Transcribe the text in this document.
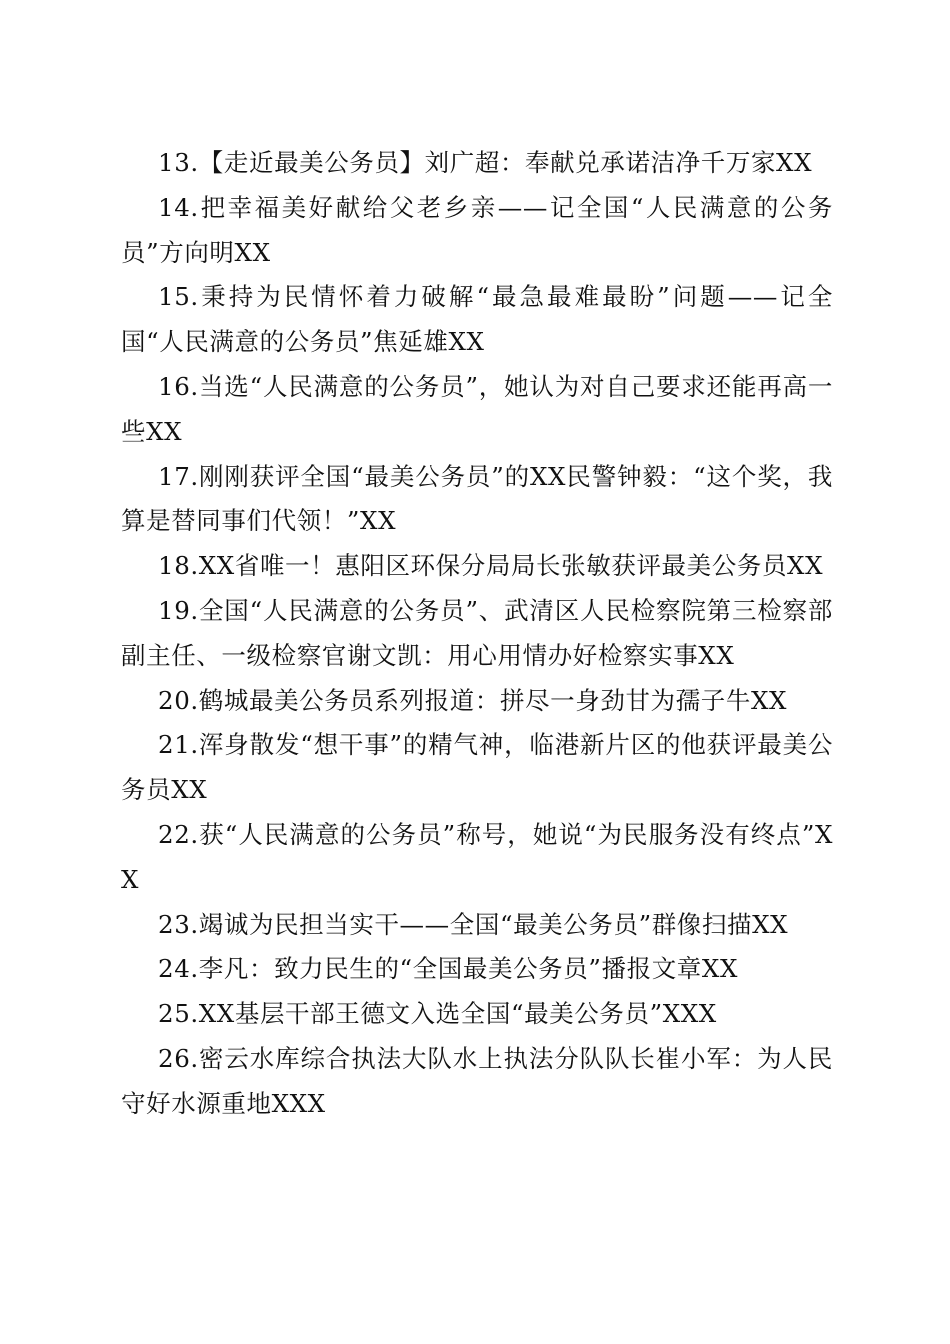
13.【走近最美公务员】刘广超：奉献兑承诺洁净千万家XX

14.把幸福美好献给父老乡亲——记全国“人民满意的公务员”方向明XX

15.秉持为民情怀着力破解“最急最难最盼”问题——记全国“人民满意的公务员”焦延雄XX

16.当选“人民满意的公务员”，她认为对自己要求还能再高一些XX

17.刚刚获评全国“最美公务员”的XX民警钟毅：“这个奖，我算是替同事们代领！”XX

18.XX省唯一！惠阳区环保分局局长张敏获评最美公务员XX

19.全国“人民满意的公务员”、武清区人民检察院第三检察部副主任、一级检察官谢文凯：用心用情办好检察实事XX

20.鹤城最美公务员系列报道：拼尽一身劲甘为孺子牛XX

21.浑身散发“想干事”的精气神，临港新片区的他获评最美公务员XX

22.获“人民满意的公务员”称号，她说“为民服务没有终点”XX

23.竭诚为民担当实干——全国“最美公务员”群像扫描XX

24.李凡：致力民生的“全国最美公务员”播报文章XX

25.XX基层干部王德文入选全国“最美公务员”XXX

26.密云水库综合执法大队水上执法分队队长崔小军：为人民守好水源重地XXX
